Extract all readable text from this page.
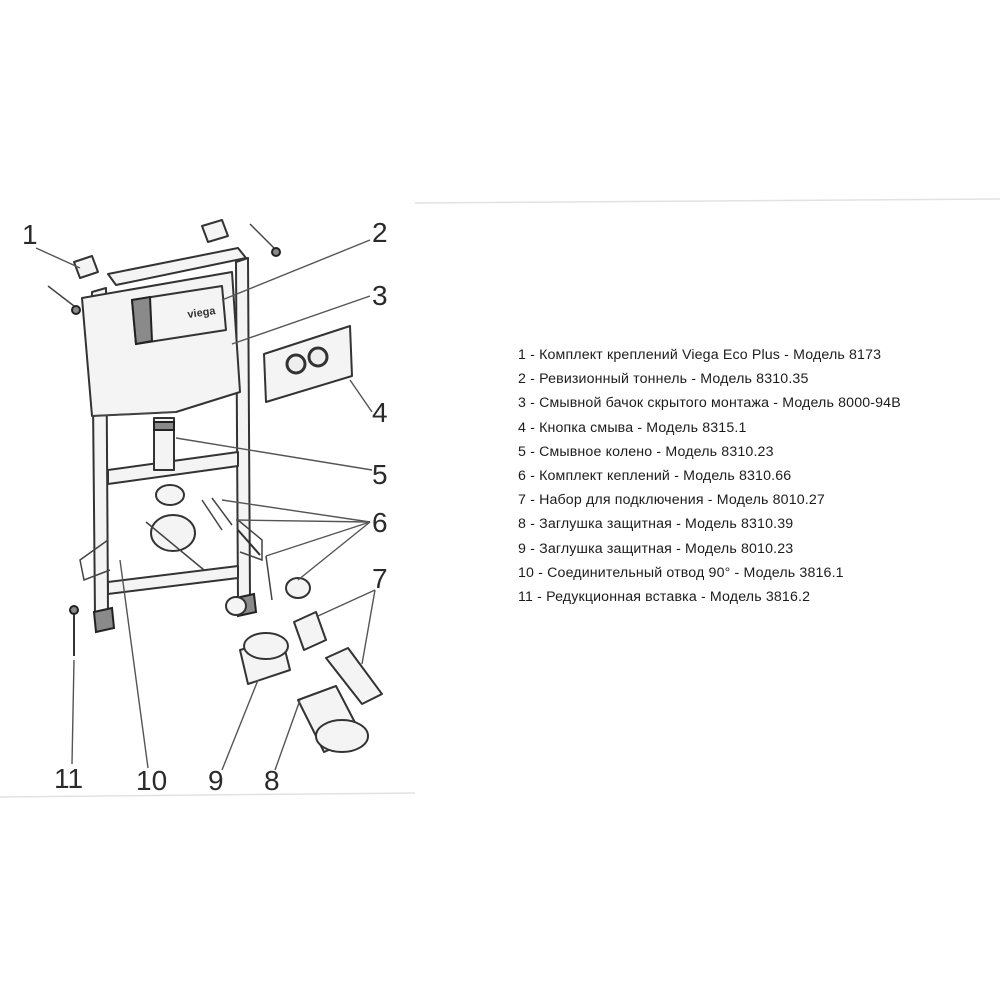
viega
1	2
3
4
5
6
7
8
9
10
11
1 - Комплект креплений Viega Eco Plus - Модель 8173
2 - Ревизионный тоннель - Модель 8310.35
3 - Смывной бачок скрытого монтажа - Модель 8000-94В
4 - Кнопка смыва - Модель 8315.1
5 - Смывное колено - Модель 8310.23
6 - Комплект кеплений - Модель 8310.66
7 - Набор для подключения - Модель 8010.27
8 - Заглушка защитная - Модель 8310.39
9 - Заглушка защитная - Модель 8010.23
10 - Соединительный отвод 90° - Модель 3816.1
11 - Редукционная вставка - Модель 3816.2
